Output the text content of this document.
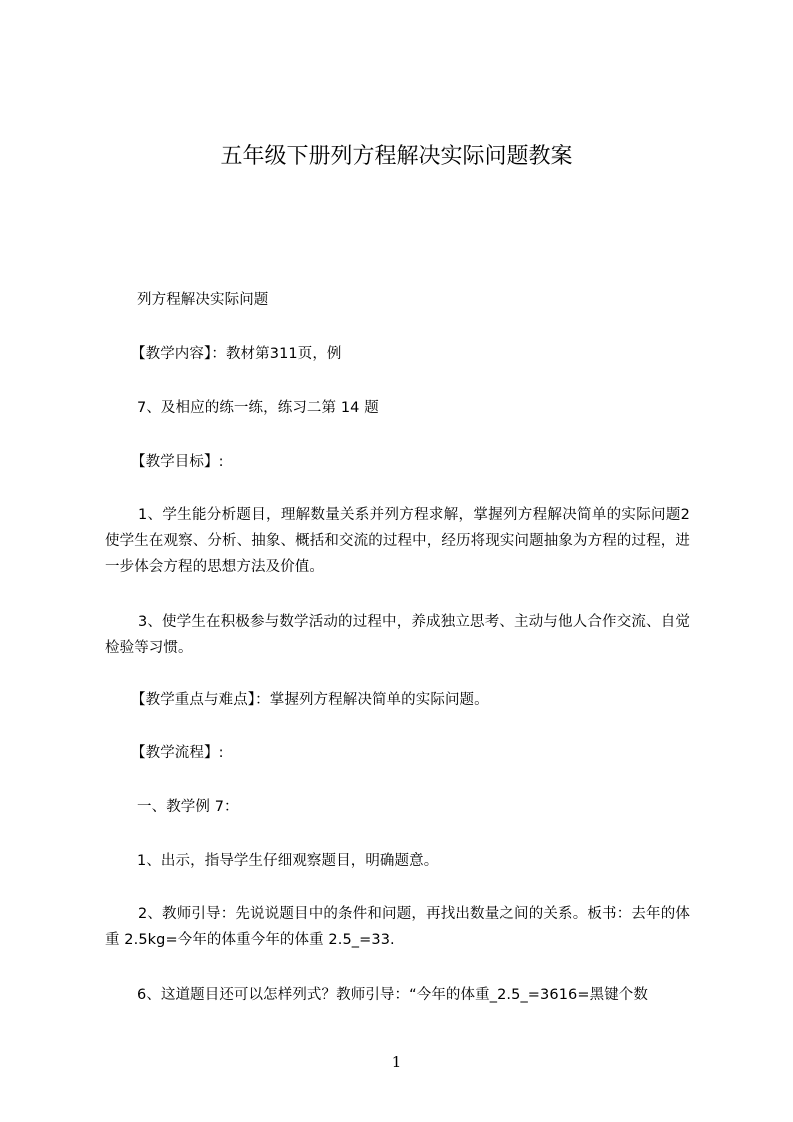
五年级下册列方程解决实际问题教案
列方程解决实际问题
【教学内容】：教材第311页，例
7、及相应的练一练，练习二第 14 题
【教学目标】:
1、学生能分析题目，理解数量关系并列方程求解，掌握列方程解决简单的实际问题2使学生在观察、分析、抽象、概括和交流的过程中，经历将现实问题抽象为方程的过程，进一步体会方程的思想方法及价值。
3、使学生在积极参与数学活动的过程中，养成独立思考、主动与他人合作交流、自觉检验等习惯。
【教学重点与难点】：掌握列方程解决简单的实际问题。
【教学流程】:
一、教学例 7：
1、出示，指导学生仔细观察题目，明确题意。
2、教师引导：先说说题目中的条件和问题，再找出数量之间的关系。板书：去年的体重 2.5kg=今年的体重今年的体重 2.5_=33.
6、这道题目还可以怎样列式？教师引导：“今年的体重_2.5_=3616=黑键个数
1
